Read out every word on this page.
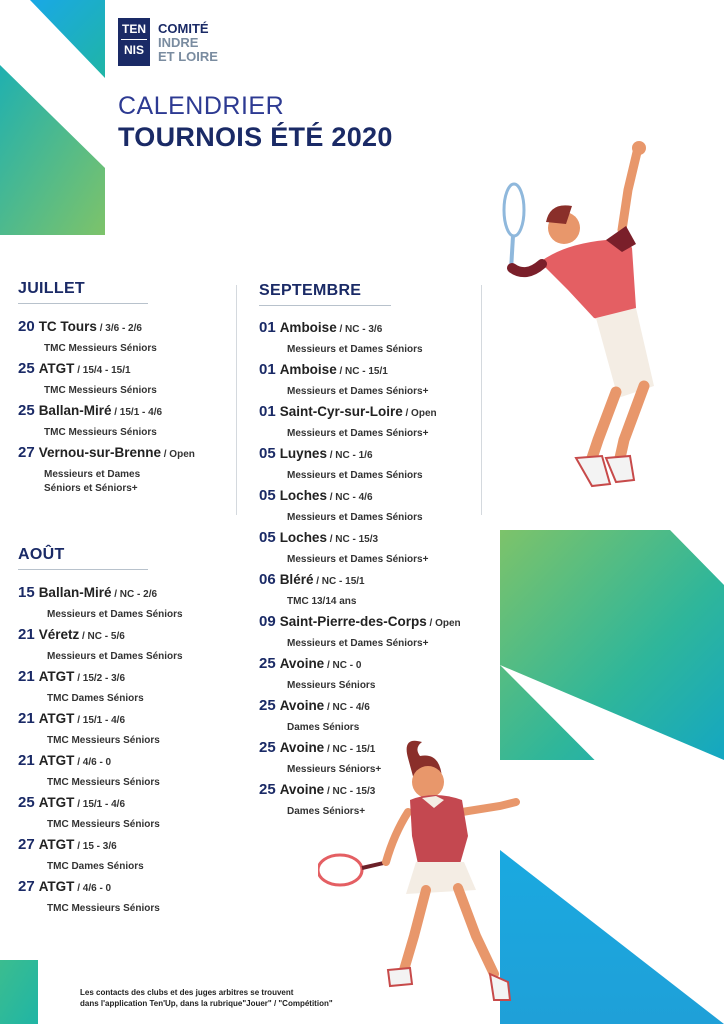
TEN
NIS
COMITÉ
INDRE
ET LOIRE
CALENDRIER
TOURNOIS ÉTÉ 2020
JUILLET
AOÛT
SEPTEMBRE
20 TC Tours / 3/6 - 2/6
TMC Messieurs Séniors
25 ATGT / 15/4 - 15/1
TMC Messieurs Séniors
25 Ballan-Miré / 15/1 - 4/6
TMC Messieurs Séniors
27 Vernou-sur-Brenne / Open
Messieurs et Dames
Séniors et Séniors+
15 Ballan-Miré / NC - 2/6
Messieurs et Dames Séniors
21 Véretz / NC - 5/6
Messieurs et Dames Séniors
21 ATGT / 15/2 - 3/6
TMC Dames Séniors
21 ATGT / 15/1 - 4/6
TMC Messieurs Séniors
21 ATGT / 4/6 - 0
TMC Messieurs Séniors
25 ATGT / 15/1 - 4/6
TMC Messieurs Séniors
27 ATGT / 15 - 3/6
TMC Dames Séniors
27 ATGT / 4/6 - 0
TMC Messieurs Séniors
01 Amboise / NC - 3/6
Messieurs et Dames Séniors
01 Amboise / NC - 15/1
Messieurs et Dames Séniors+
01 Saint-Cyr-sur-Loire / Open
Messieurs et Dames Séniors+
05 Luynes / NC - 1/6
Messieurs et Dames Séniors
05 Loches / NC - 4/6
Messieurs et Dames Séniors
05 Loches / NC - 15/3
Messieurs et Dames Séniors+
06 Bléré / NC - 15/1
TMC 13/14 ans
09 Saint-Pierre-des-Corps / Open
Messieurs et Dames Séniors+
25 Avoine / NC - 0
Messieurs Séniors
25 Avoine / NC - 4/6
Dames Séniors
25 Avoine / NC - 15/1
Messieurs Séniors+
25 Avoine / NC - 15/3
Dames Séniors+
Les contacts des clubs et des juges arbitres se trouvent
dans l'application Ten'Up, dans la rubrique"Jouer" / "Compétition"
